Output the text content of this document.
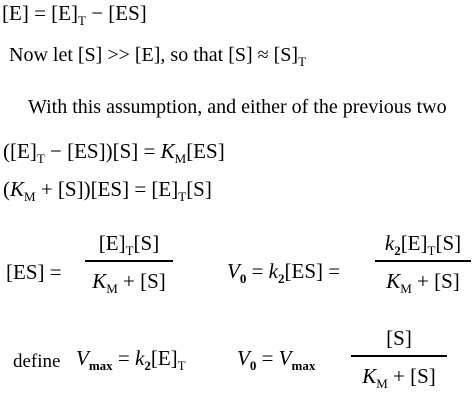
$[E] = [E]_T - [ES]$
Now let [S] >> [E], so that $[S] \approx [S]_T$
With this assumption, and either of the previous two
$([E]_T - [ES])[S] = K_M[ES]$
$(K_M + [S])[ES] = [E]_T[S]$
[ES] =
$[E]_T[S]$
$K_M + [S]$	$V_0 = k_2[ES]$ =
$k_2[E]_T[S]$
$K_M + [S]$
define $V_{max} = k_2[E]_T$ $V_0 = V_{max}$
[S]
$K_M + [S]$
